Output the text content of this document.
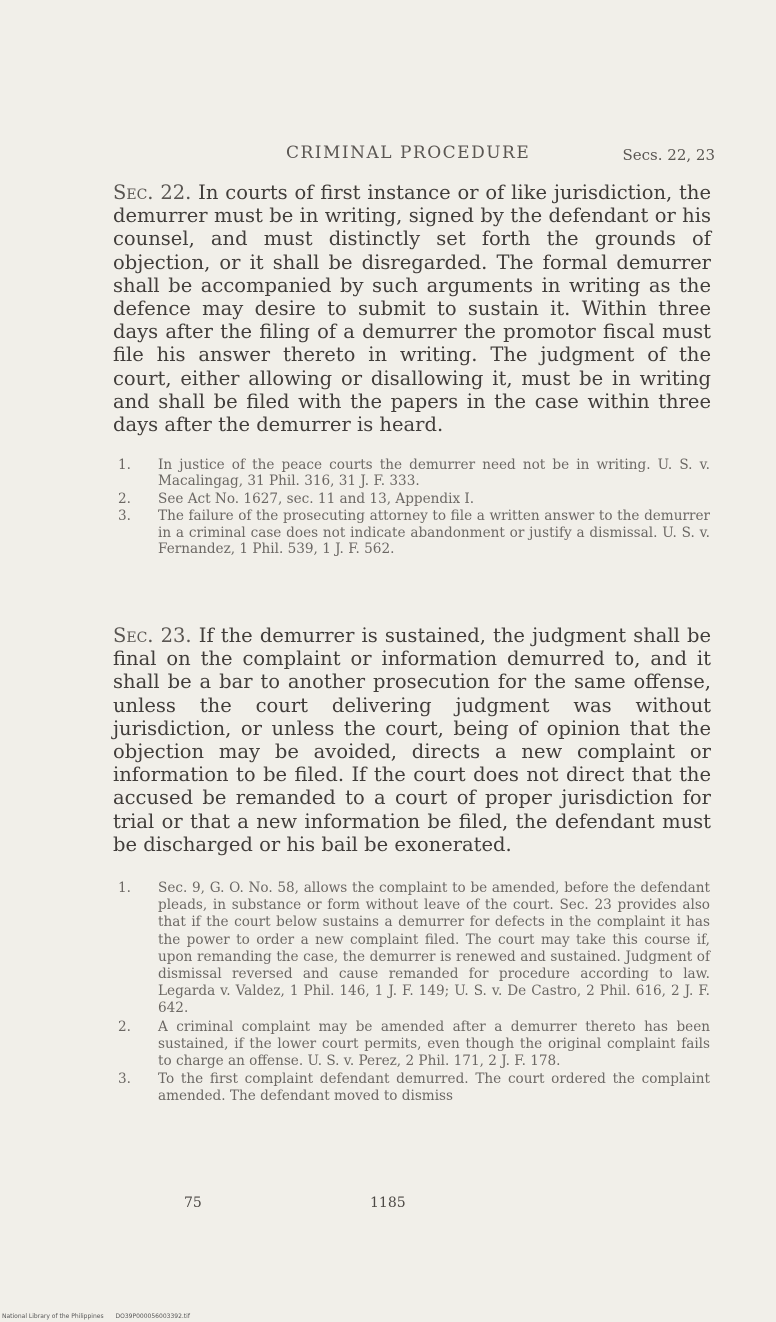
CRIMINAL PROCEDURE	Secs. 22, 23
Sec. 22. In courts of first instance or of like jurisdiction, the demurrer must be in writing, signed by the defendant or his counsel, and must distinctly set forth the grounds of objection, or it shall be disregarded. The formal demurrer shall be accompanied by such arguments in writing as the defence may desire to submit to sustain it. Within three days after the filing of a demurrer the promotor fiscal must file his answer thereto in writing. The judgment of the court, either allowing or disallowing it, must be in writing and shall be filed with the papers in the case within three days after the demurrer is heard.
1.	In justice of the peace courts the demurrer need not be in writing. U. S. v. Macalingag, 31 Phil. 316, 31 J. F. 333.
2.	See Act No. 1627, sec. 11 and 13, Appendix I.
3.	The failure of the prosecuting attorney to file a written answer to the demurrer in a criminal case does not indicate abandonment or justify a dismissal. U. S. v. Fernandez, 1 Phil. 539, 1 J. F. 562.
Sec. 23. If the demurrer is sustained, the judgment shall be final on the complaint or information demurred to, and it shall be a bar to another prosecution for the same offense, unless the court delivering judgment was without jurisdiction, or unless the court, being of opinion that the objection may be avoided, directs a new complaint or information to be filed. If the court does not direct that the accused be remanded to a court of proper jurisdiction for trial or that a new information be filed, the defendant must be discharged or his bail be exonerated.
1.	Sec. 9, G. O. No. 58, allows the complaint to be amended, before the defendant pleads, in substance or form without leave of the court. Sec. 23 provides also that if the court below sustains a demurrer for defects in the complaint it has the power to order a new complaint filed. The court may take this course if, upon remanding the case, the demurrer is renewed and sustained. Judgment of dismissal reversed and cause remanded for procedure according to law. Legarda v. Valdez, 1 Phil. 146, 1 J. F. 149; U. S. v. De Castro, 2 Phil. 616, 2 J. F. 642.
2.	A criminal complaint may be amended after a demurrer thereto has been sustained, if the lower court permits, even though the original complaint fails to charge an offense. U. S. v. Perez, 2 Phil. 171, 2 J. F. 178.
3.	To the first complaint defendant demurred. The court ordered the complaint amended. The defendant moved to dismiss
75	1185
National Library of the Philippines DO39P000056003392.tif
